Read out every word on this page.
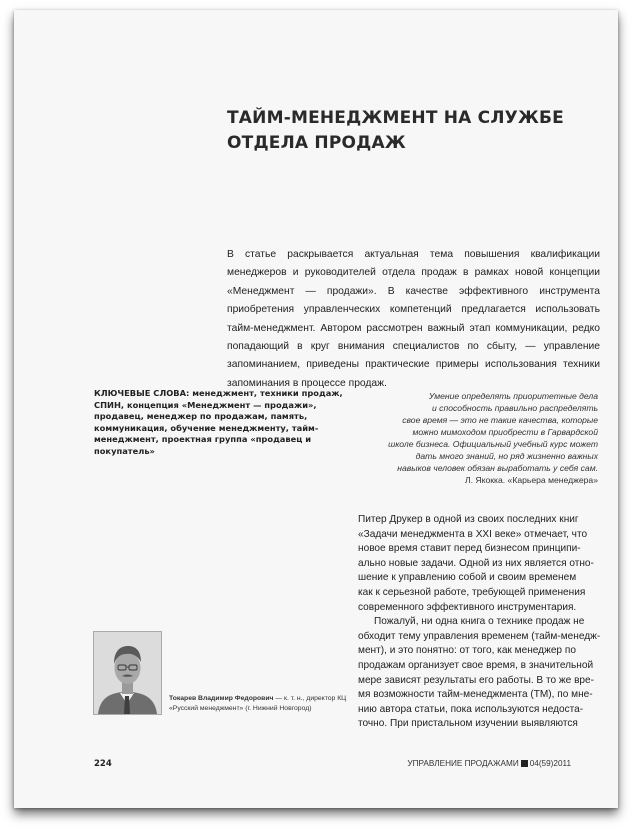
ТАЙМ-МЕНЕДЖМЕНТ НА СЛУЖБЕ
ОТДЕЛА ПРОДАЖ

В статье раскрывается актуальная тема повышения квалификации менеджеров и руководителей отдела продаж в рамках новой концепции «Менеджмент — продажи». В качестве эффективного инструмента приобретения управленческих компетенций предлагается использовать тайм-менеджмент. Автором рассмотрен важный этап коммуникации, редко попадающий в круг внимания специалистов по сбыту, — управление запоминанием, приведены практические примеры использования техники запоминания в процессе продаж.

КЛЮЧЕВЫЕ СЛОВА: менеджмент, техники продаж, СПИН, концепция «Менеджмент — продажи», продавец, менеджер по продажам, память, коммуникация, обучение менеджменту, тайм-менеджмент, проектная группа «продавец и покупатель»
Умение определять приоритетные дела
и способность правильно распределять
свое время — это не такие качества, которые
можно мимоходом приобрести в Гарвардской
школе бизнеса. Официальный учебный курс может
дать много знаний, но ряд жизненно важных
навыков человек обязан выработать у себя сам.
Л. Якокка. «Карьера менеджера»
Питер Друкер в одной из своих последних книг
«Задачи менеджмента в XXI веке» отмечает, что
новое время ставит перед бизнесом принципи-
ально новые задачи. Одной из них является отно-
шение к управлению собой и своим временем
как к серьезной работе, требующей применения
современного эффективного инструментария.
Пожалуй, ни одна книга о технике продаж не
обходит тему управления временем (тайм-менедж-
мент), и это понятно: от того, как менеджер по
продажам организует свое время, в значительной
мере зависят результаты его работы. В то же вре-
мя возможности тайм-менеджмента (ТМ), по мне-
нию автора статьи, пока используются недоста-
точно. При пристальном изучении выявляются
Токарев Владимир Федорович — к. т. н., директор КЦ
«Русский менеджмент» (г. Нижний Новгород)
224	УПРАВЛЕНИЕ ПРОДАЖАМИ 04(59)2011
